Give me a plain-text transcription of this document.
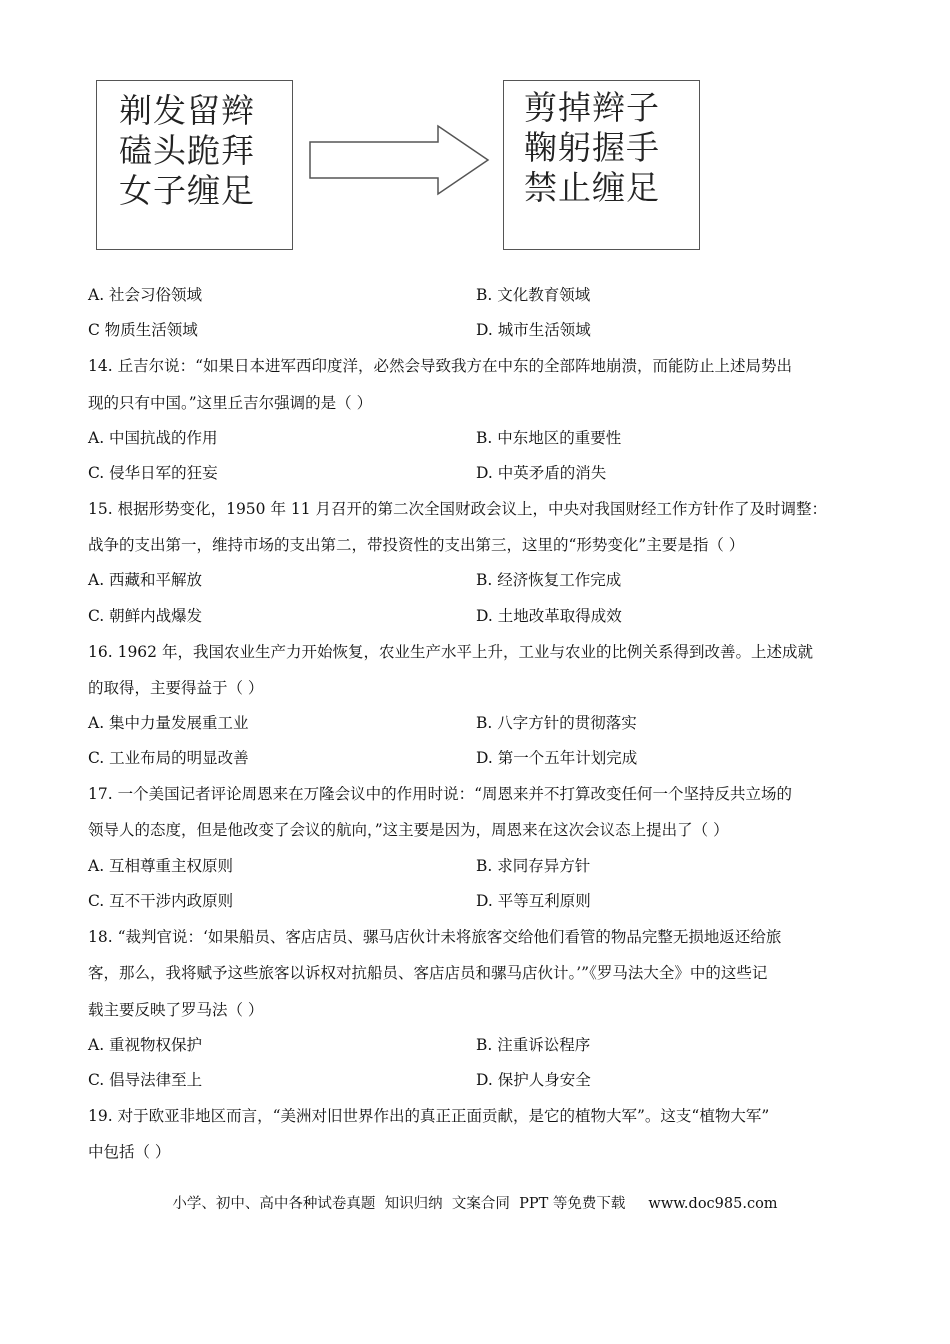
剃发留辫
磕头跪拜
女子缠足
剪掉辫子
鞠躬握手
禁止缠足
A. 社会习俗领域	B. 文化教育领域
C 物质生活领域	D. 城市生活领域
14. 丘吉尔说：“如果日本进军西印度洋，必然会导致我方在中东的全部阵地崩溃，而能防止上述局势出
现的只有中国。”这里丘吉尔强调的是（ ）
A. 中国抗战的作用	B. 中东地区的重要性
C. 侵华日军的狂妄	D. 中英矛盾的消失
15. 根据形势变化，1950 年 11 月召开的第二次全国财政会议上，中央对我国财经工作方针作了及时调整：
战争的支出第一，维持市场的支出第二，带投资性的支出第三，这里的“形势变化”主要是指（ ）
A. 西藏和平解放	B. 经济恢复工作完成
C. 朝鲜内战爆发	D. 土地改革取得成效
16. 1962 年，我国农业生产力开始恢复，农业生产水平上升，工业与农业的比例关系得到改善。上述成就
的取得，主要得益于（ ）
A. 集中力量发展重工业	B. 八字方针的贯彻落实
C. 工业布局的明显改善	D. 第一个五年计划完成
17. 一个美国记者评论周恩来在万隆会议中的作用时说：“周恩来并不打算改变任何一个坚持反共立场的
领导人的态度，但是他改变了会议的航向，”这主要是因为，周恩来在这次会议态上提出了（ ）
A. 互相尊重主权原则	B. 求同存异方针
C. 互不干涉内政原则	D. 平等互利原则
18. “裁判官说：‘如果船员、客店店员、骡马店伙计未将旅客交给他们看管的物品完整无损地返还给旅
客，那么，我将赋予这些旅客以诉权对抗船员、客店店员和骡马店伙计。’”《罗马法大全》中的这些记
载主要反映了罗马法（ ）
A. 重视物权保护	B. 注重诉讼程序
C. 倡导法律至上	D. 保护人身安全
19. 对于欧亚非地区而言，“美洲对旧世界作出的真正正面贡献，是它的植物大军”。这支“植物大军”
中包括（ ）
小学、初中、高中各种试卷真题  知识归纳  文案合同  PPT 等免费下载     www.doc985.com
